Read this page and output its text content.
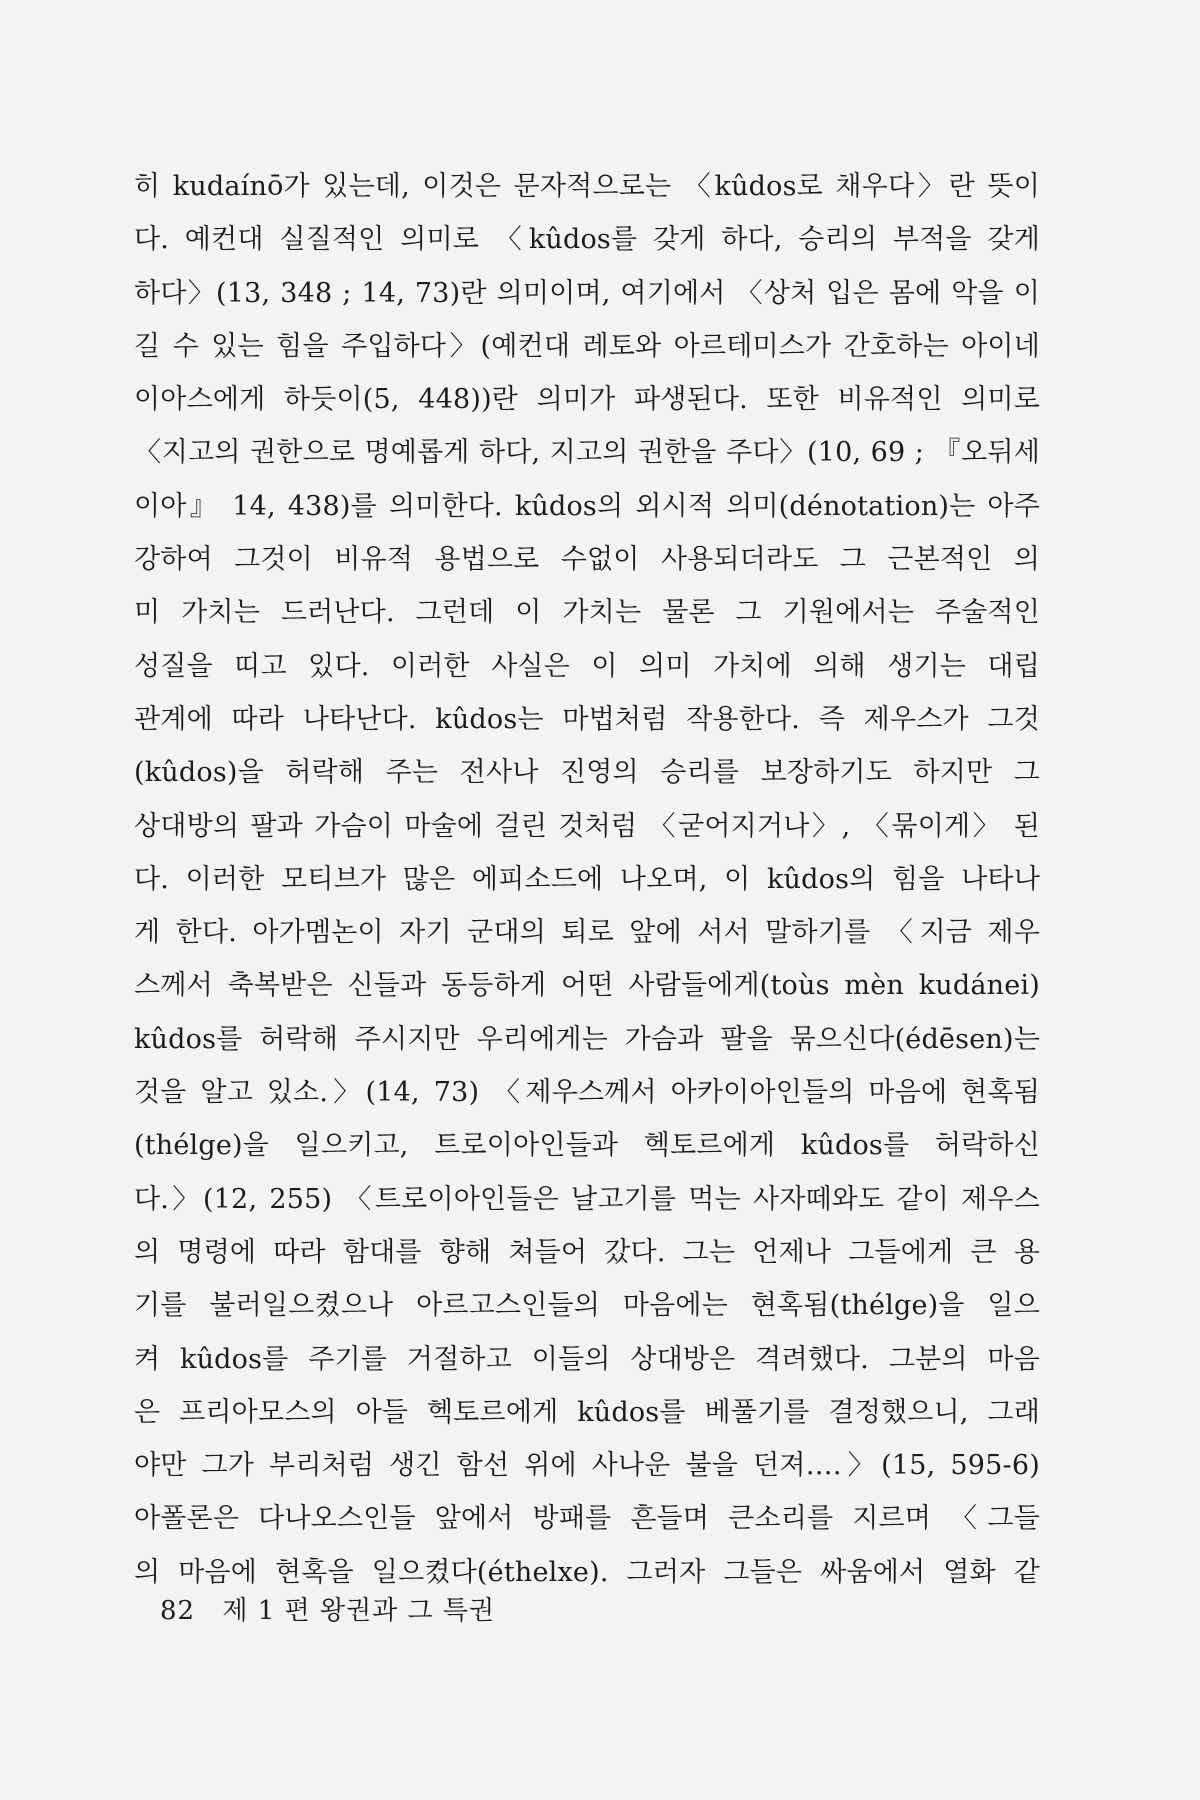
히 kudaínō가 있는데, 이것은 문자적으로는 〈kûdos로 채우다〉란 뜻이
다. 예컨대 실질적인 의미로 〈kûdos를 갖게 하다, 승리의 부적을 갖게
하다〉(13, 348 ; 14, 73)란 의미이며, 여기에서 〈상처 입은 몸에 악을 이
길 수 있는 힘을 주입하다〉(예컨대 레토와 아르테미스가 간호하는 아이네
이아스에게 하듯이(5, 448))란 의미가 파생된다. 또한 비유적인 의미로
〈지고의 권한으로 명예롭게 하다, 지고의 권한을 주다〉(10, 69 ; 『오뒤세
이아』 14, 438)를 의미한다. kûdos의 외시적 의미(dénotation)는 아주
강하여 그것이 비유적 용법으로 수없이 사용되더라도 그 근본적인 의
미 가치는 드러난다. 그런데 이 가치는 물론 그 기원에서는 주술적인
성질을 띠고 있다. 이러한 사실은 이 의미 가치에 의해 생기는 대립
관계에 따라 나타난다. kûdos는 마법처럼 작용한다. 즉 제우스가 그것
(kûdos)을 허락해 주는 전사나 진영의 승리를 보장하기도 하지만 그
상대방의 팔과 가슴이 마술에 걸린 것처럼 〈굳어지거나〉, 〈묶이게〉 된
다. 이러한 모티브가 많은 에피소드에 나오며, 이 kûdos의 힘을 나타나
게 한다. 아가멤논이 자기 군대의 퇴로 앞에 서서 말하기를 〈지금 제우
스께서 축복받은 신들과 동등하게 어떤 사람들에게(toùs mèn kudánei)
kûdos를 허락해 주시지만 우리에게는 가슴과 팔을 묶으신다(édēsen)는
것을 알고 있소.〉(14, 73) 〈제우스께서 아카이아인들의 마음에 현혹됨
(thélge)을 일으키고, 트로이아인들과 헥토르에게 kûdos를 허락하신
다.〉(12, 255) 〈트로이아인들은 날고기를 먹는 사자떼와도 같이 제우스
의 명령에 따라 함대를 향해 쳐들어 갔다. 그는 언제나 그들에게 큰 용
기를 불러일으켰으나 아르고스인들의 마음에는 현혹됨(thélge)을 일으
켜 kûdos를 주기를 거절하고 이들의 상대방은 격려했다. 그분의 마음
은 프리아모스의 아들 헥토르에게 kûdos를 베풀기를 결정했으니, 그래
야만 그가 부리처럼 생긴 함선 위에 사나운 불을 던져….〉(15, 595-6)
아폴론은 다나오스인들 앞에서 방패를 흔들며 큰소리를 지르며 〈그들
의 마음에 현혹을 일으켰다(éthelxe). 그러자 그들은 싸움에서 열화 같
82 제 1 편 왕권과 그 특권
